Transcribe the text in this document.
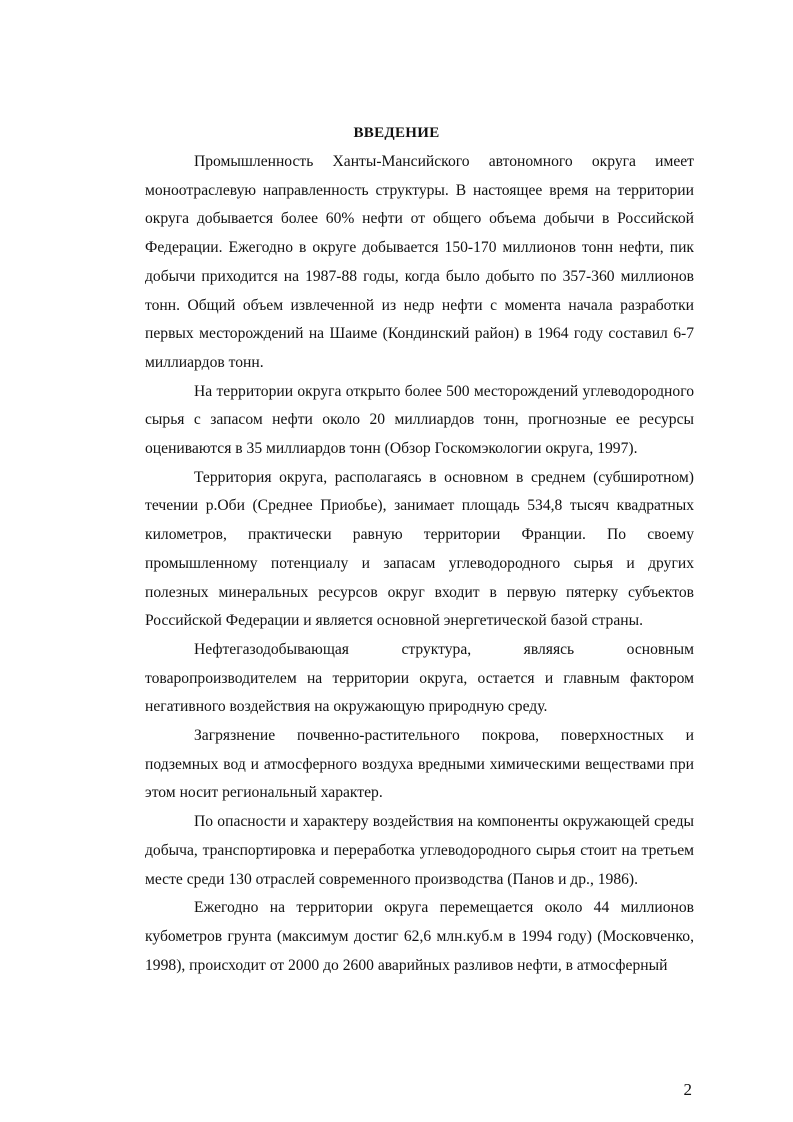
ВВЕДЕНИЕ

Промышленность Ханты-Мансийского автономного округа имеет моноотраслевую направленность структуры. В настоящее время на территории округа добывается более 60% нефти от общего объема добычи в Российской Федерации. Ежегодно в округе добывается 150-170 миллионов тонн нефти, пик добычи приходится на 1987-88 годы, когда было добыто по 357-360 миллионов тонн. Общий объем извлеченной из недр нефти с момента начала разработки первых месторождений на Шаиме (Кондинский район) в 1964 году составил 6-7 миллиардов тонн.

На территории округа открыто более 500 месторождений углеводородного сырья с запасом нефти около 20 миллиардов тонн, прогнозные ее ресурсы оцениваются в 35 миллиардов тонн (Обзор Госкомэкологии округа, 1997).

Территория округа, располагаясь в основном в среднем (субширотном) течении р.Оби (Среднее Приобье), занимает площадь 534,8 тысяч квадратных километров, практически равную территории Франции. По своему промышленному потенциалу и запасам углеводородного сырья и других полезных минеральных ресурсов округ входит в первую пятерку субъектов Российской Федерации и является основной энергетической базой страны.

Нефтегазодобывающая структура, являясь основным товаропроизводителем на территории округа, остается и главным фактором негативного воздействия на окружающую природную среду.

Загрязнение почвенно-растительного покрова, поверхностных и подземных вод и атмосферного воздуха вредными химическими веществами при этом носит региональный характер.

По опасности и характеру воздействия на компоненты окружающей среды добыча, транспортировка и переработка углеводородного сырья стоит на третьем месте среди 130 отраслей современного производства (Панов и др., 1986).

Ежегодно на территории округа перемещается около 44 миллионов кубометров грунта (максимум достиг 62,6 млн.куб.м в 1994 году) (Московченко, 1998), происходит от 2000 до 2600 аварийных разливов нефти, в атмосферный

2
